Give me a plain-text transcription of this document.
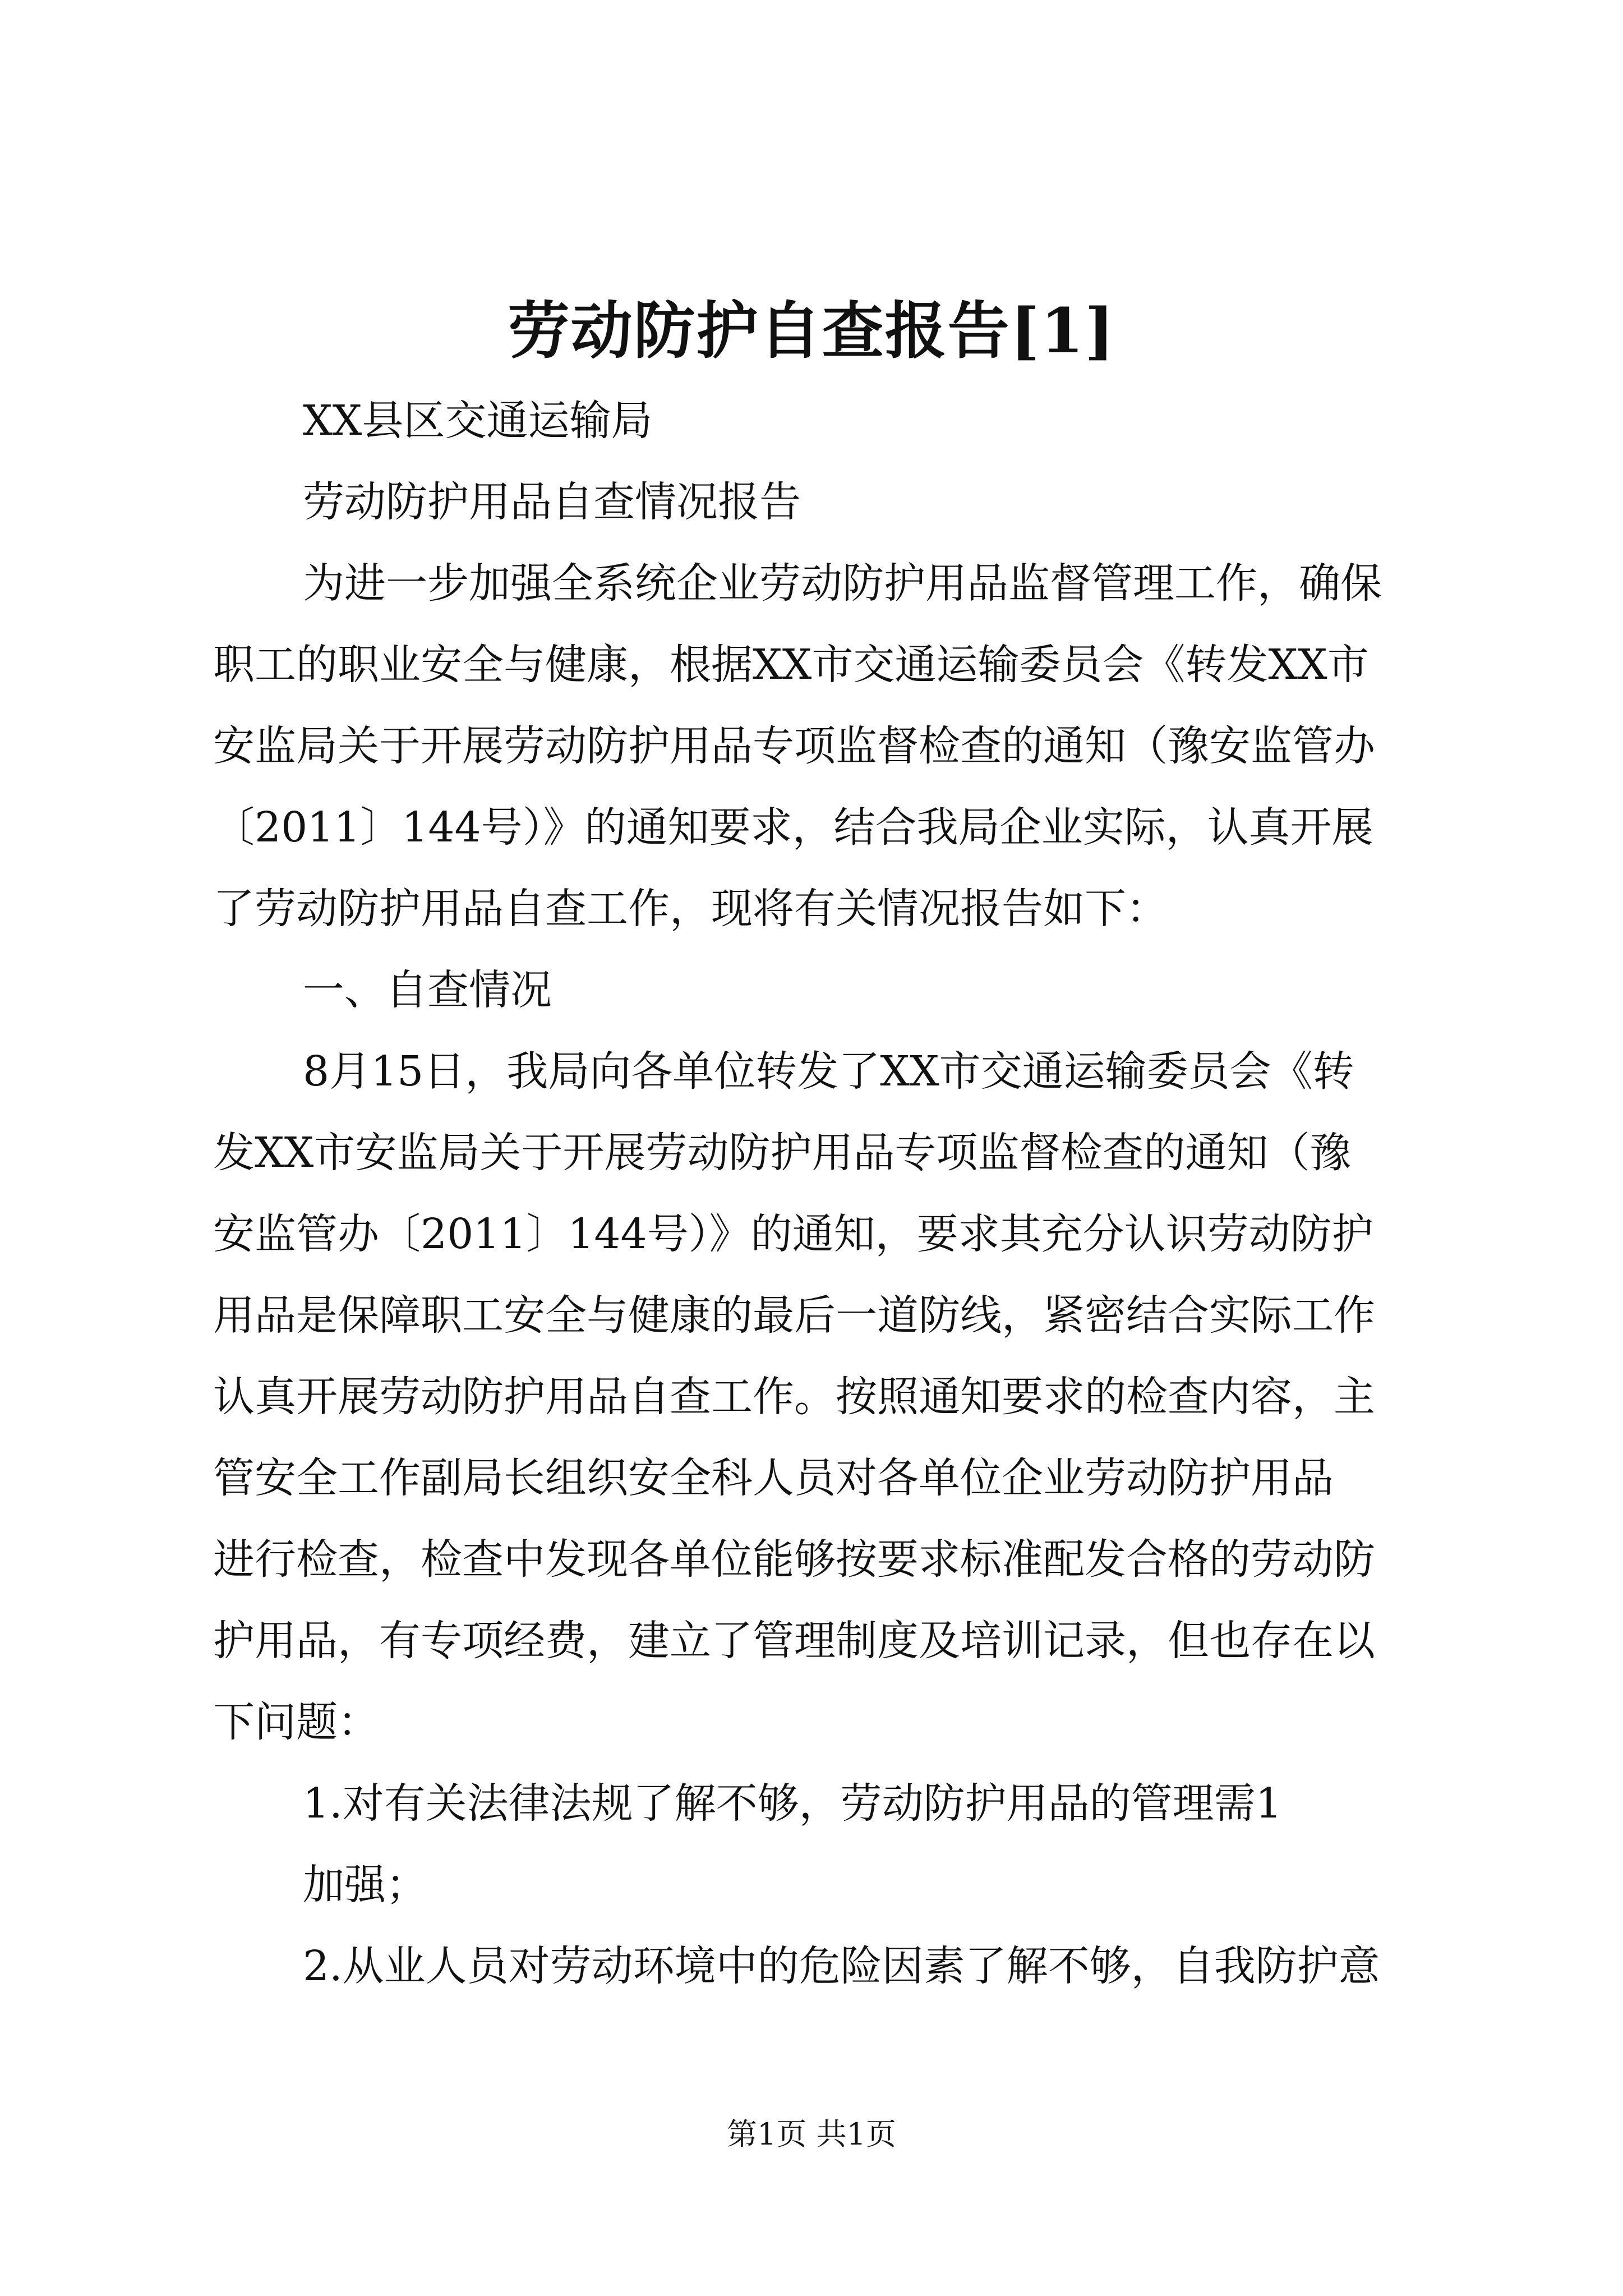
劳动防护自查报告[1]
XX县区交通运输局
劳动防护用品自查情况报告
为进一步加强全系统企业劳动防护用品监督管理工作，确保
职工的职业安全与健康，根据XX市交通运输委员会《转发XX市
安监局关于开展劳动防护用品专项监督检查的通知（豫安监管办
〔2011〕144号）》的通知要求，结合我局企业实际，认真开展
了劳动防护用品自查工作，现将有关情况报告如下：
一、自查情况
8月15日，我局向各单位转发了XX市交通运输委员会《转
发XX市安监局关于开展劳动防护用品专项监督检查的通知（豫
安监管办〔2011〕144号）》的通知，要求其充分认识劳动防护
用品是保障职工安全与健康的最后一道防线，紧密结合实际工作
认真开展劳动防护用品自查工作。按照通知要求的检查内容，主
管安全工作副局长组织安全科人员对各单位企业劳动防护用品
进行检查，检查中发现各单位能够按要求标准配发合格的劳动防
护用品，有专项经费，建立了管理制度及培训记录，但也存在以
下问题：
1.对有关法律法规了解不够，劳动防护用品的管理需1
加强；
2.从业人员对劳动环境中的危险因素了解不够，自我防护意
第1页 共1页
